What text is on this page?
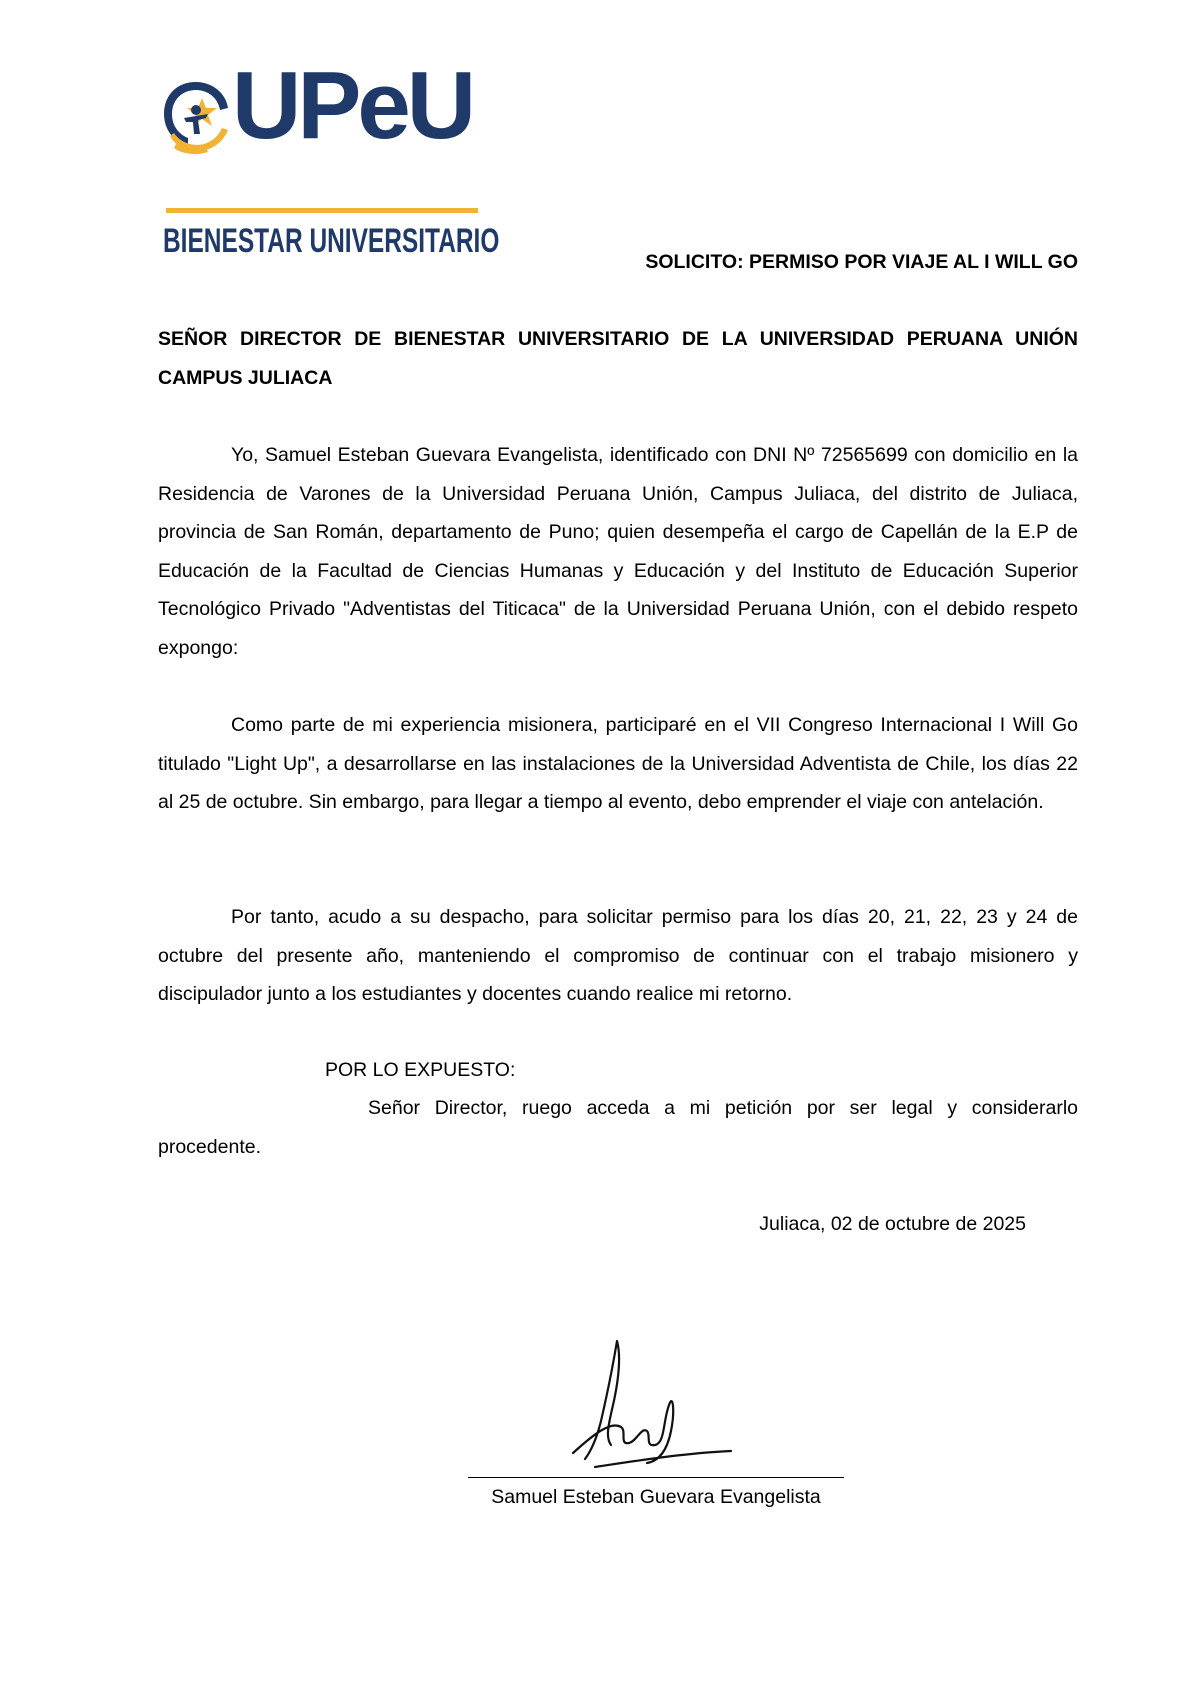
UPeU
BIENESTAR UNIVERSITARIO
SOLICITO: PERMISO POR VIAJE AL I WILL GO
SEÑOR DIRECTOR DE BIENESTAR UNIVERSITARIO DE LA UNIVERSIDAD PERUANA UNIÓN CAMPUS JULIACA
Yo, Samuel Esteban Guevara Evangelista, identificado con DNI Nº 72565699 con domicilio en la Residencia de Varones de la Universidad Peruana Unión, Campus Juliaca, del distrito de Juliaca, provincia de San Román, departamento de Puno; quien desempeña el cargo de Capellán de la E.P de Educación de la Facultad de Ciencias Humanas y Educación y del Instituto de Educación Superior Tecnológico Privado "Adventistas del Titicaca" de la Universidad Peruana Unión, con el debido respeto expongo:
Como parte de mi experiencia misionera, participaré en el VII Congreso Internacional I Will Go titulado "Light Up", a desarrollarse en las instalaciones de la Universidad Adventista de Chile, los días 22 al 25 de octubre. Sin embargo, para llegar a tiempo al evento, debo emprender el viaje con antelación.
Por tanto, acudo a su despacho, para solicitar permiso para los días 20, 21, 22, 23 y 24 de octubre del presente año, manteniendo el compromiso de continuar con el trabajo misionero y discipulador junto a los estudiantes y docentes cuando realice mi retorno.
POR LO EXPUESTO:
Señor Director, ruego acceda a mi petición por ser legal y considerarlo procedente.
Juliaca, 02 de octubre de 2025
Samuel Esteban Guevara Evangelista
